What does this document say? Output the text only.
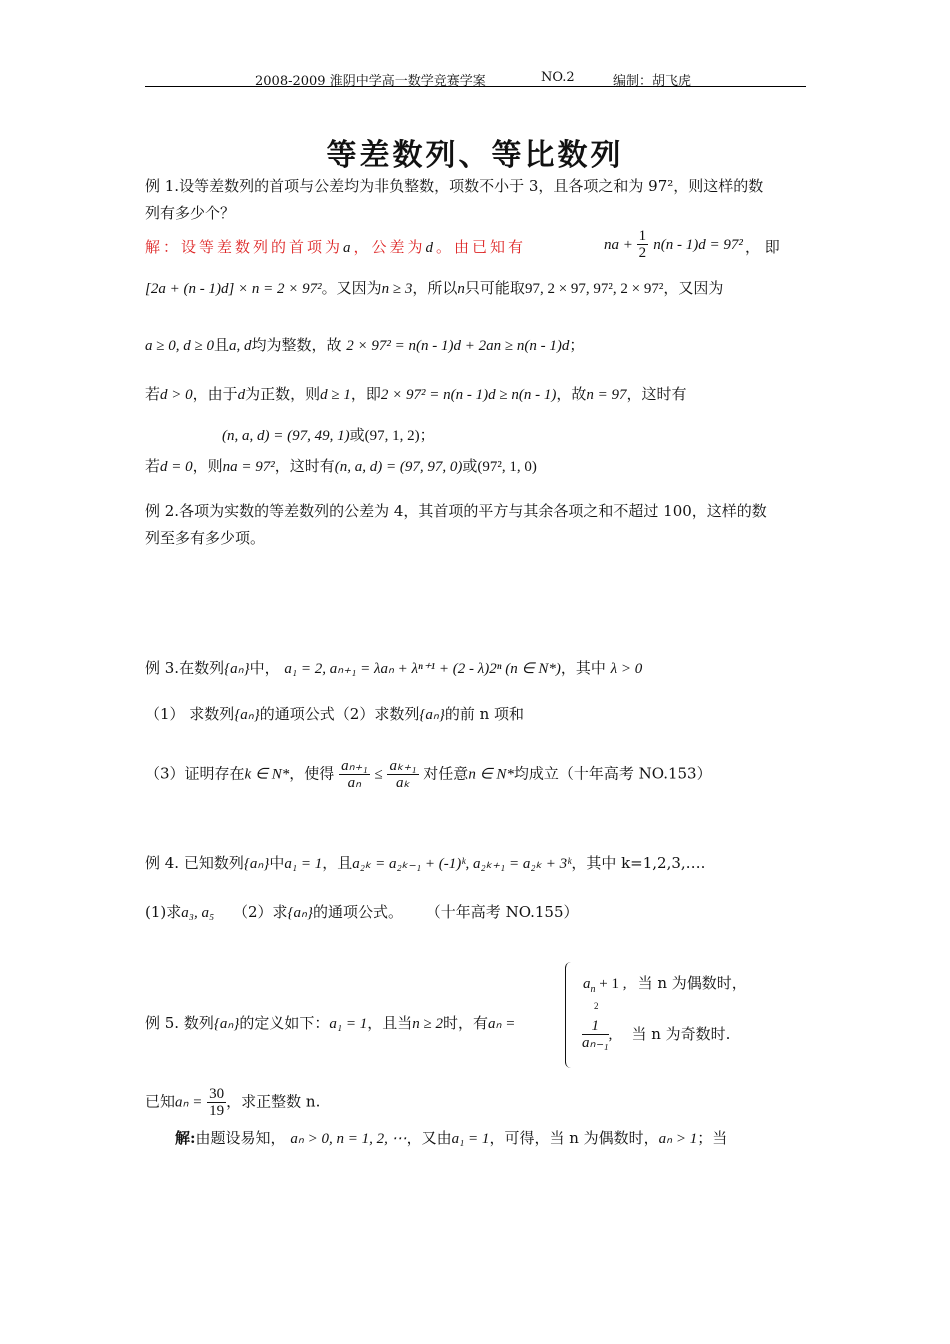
2008-2009 淮阴中学高一数学竞赛学案	NO.2	编制：胡飞虎
等差数列、等比数列
例 1.设等差数列的首项与公差均为非负整数，项数不小于 3，且各项之和为 97²，则这样的数
列有多少个？
解：设等差数列的首项为a，公差为d。由已知有	na + $\frac{1}{2} n(n - 1)d = 97^2$ ， 即
[2a + (n - 1)d] × n = 2 × 97²。又因为n ≥ 3，所以n只可能取97, 2 × 97, 97², 2 × 97²，又因为
a ≥ 0, d ≥ 0且a, d均为整数，故 2 × 97² = n(n - 1)d + 2an ≥ n(n - 1)d；
若d > 0，由于d为正数，则d ≥ 1，即2 × 97² = n(n - 1)d ≥ n(n - 1)，故n = 97，这时有
(n, a, d) = (97, 49, 1)或(97, 1, 2)；
若d = 0，则na = 97²，这时有(n, a, d) = (97, 97, 0)或(97², 1, 0)
例 2.各项为实数的等差数列的公差为 4，其首项的平方与其余各项之和不超过 100，这样的数
列至多有多少项。
例 3.在数列{aₙ}中， a₁ = 2, aₙ₊₁ = λaₙ + λⁿ⁺¹ + (2 - λ)2ⁿ (n ∈ N*)，其中 λ > 0
（1） 求数列{aₙ}的通项公式（2）求数列{aₙ}的前 n 项和
（3）证明存在k ∈ N*，使得 $\frac{\text{aₙ₊₁}}{\text{aₙ}} \le \frac{\text{aₖ₊₁}}{\text{aₖ}}$ 对任意n ∈ N*均成立（十年高考 NO.153）
例 4. 已知数列{aₙ}中a₁ = 1，且a₂ₖ = a₂ₖ₋₁ + (-1)ᵏ, a₂ₖ₊₁ = a₂ₖ + 3ᵏ，其中 k=1,2,3,….
(1)求a₃, a₅ （2）求{aₙ}的通项公式。 （十年高考 NO.155）
例 5. 数列{aₙ}的定义如下：a₁ = 1，且当n ≥ 2时，有aₙ =
$a_n + 1$ , 当 n 为偶数时，
2
$\frac{1}{\text{aₙ₋₁}}$ , 当 n 为奇数时.
已知$a_n = \frac{30}{19}$ ，求正整数 n.
解:由题设易知， aₙ > 0, n = 1, 2, ⋯，又由a₁ = 1，可得，当 n 为偶数时，aₙ > 1；当
